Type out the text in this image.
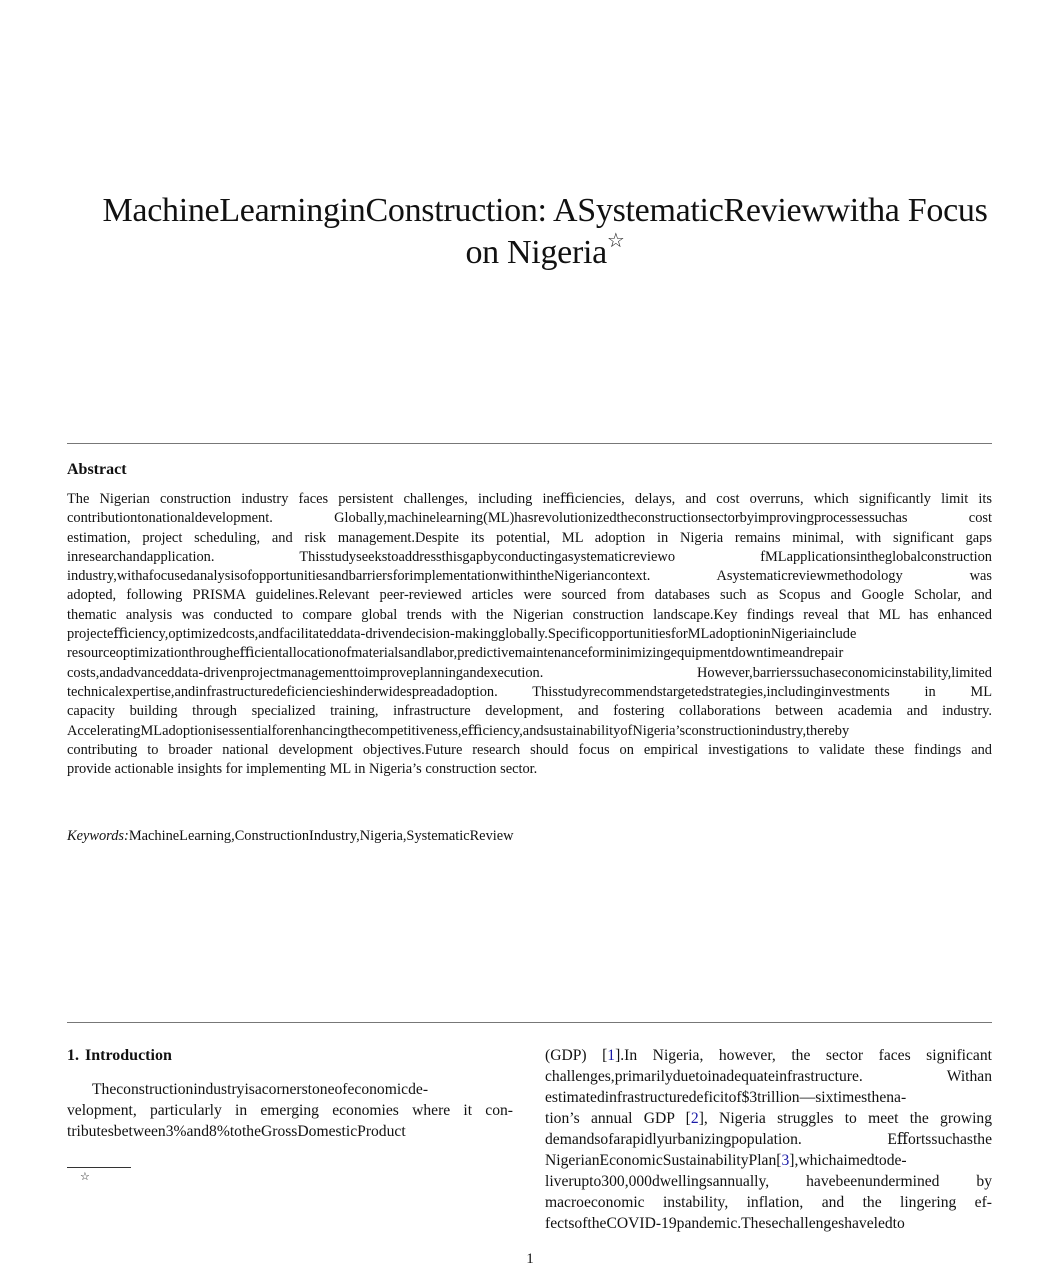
MachineLearninginConstruction: ASystematicReviewwitha Focus
on Nigeria☆
Abstract
The Nigerian construction industry faces persistent challenges, including ineﬃciencies, delays, and cost overruns, which significantly limit its
contributiontonationaldevelopment. Globally,machinelearning(ML)hasrevolutionizedtheconstructionsectorbyimprovingprocessessuchas cost
estimation, project scheduling, and risk management.Despite its potential, ML adoption in Nigeria remains minimal, with significant gaps
inresearchandapplication. Thisstudyseekstoaddressthisgapbyconductingasystematicreviewo fMLapplicationsintheglobalconstruction
industry,withafocusedanalysisofopportunitiesandbarriersforimplementationwithintheNigeriancontext. Asystematicreviewmethodology was
adopted, following PRISMA guidelines.Relevant peer-reviewed articles were sourced from databases such as Scopus and Google Scholar, and
thematic analysis was conducted to compare global trends with the Nigerian construction landscape.Key findings reveal that ML has enhanced
projecteﬃciency,optimizedcosts,andfacilitateddata-drivendecision-makingglobally.SpecificopportunitiesforMLadoptioninNigeriainclude
resourceoptimizationthrougheﬃcientallocationofmaterialsandlabor,predictivemaintenanceforminimizingequipmentdowntimeandrepair
costs,andadvanceddata-drivenprojectmanagementtoimproveplanningandexecution. However,barrierssuchaseconomicinstability,limited
technicalexpertise,andinfrastructuredeficiencieshinderwidespreadadoption. Thisstudyrecommendstargetedstrategies,includinginvestments in ML
capacity building through specialized training, infrastructure development, and fostering collaborations between academia and industry.
AcceleratingMLadoptionisessentialforenhancingthecompetitiveness,eﬃciency,andsustainabilityofNigeria’sconstructionindustry,thereby
contributing to broader national development objectives.Future research should focus on empirical investigations to validate these findings and
provide actionable insights for implementing ML in Nigeria’s construction sector.
Keywords:MachineLearning,ConstructionIndustry,Nigeria,SystematicReview
1. Introduction

Theconstructionindustryisacornerstoneofeconomicde-
velopment, particularly in emerging economies where it con-
tributesbetween3%and8%totheGrossDomesticProduct

☆

(GDP) [1].In Nigeria, however, the sector faces significant
challenges,primarilyduetoinadequateinfrastructure. Withan
estimatedinfrastructuredeficitof$3trillion—sixtimesthena-
tion’s annual GDP [2], Nigeria struggles to meet the growing
demandsofarapidlyurbanizingpopulation. Eﬀortssuchasthe
NigerianEconomicSustainabilityPlan[3],whichaimedtode-
liverupto300,000dwellingsannually, havebeenundermined by
macroeconomic instability, inflation, and the lingering ef-
fectsoftheCOVID-19pandemic.Thesechallengeshaveledto

1
